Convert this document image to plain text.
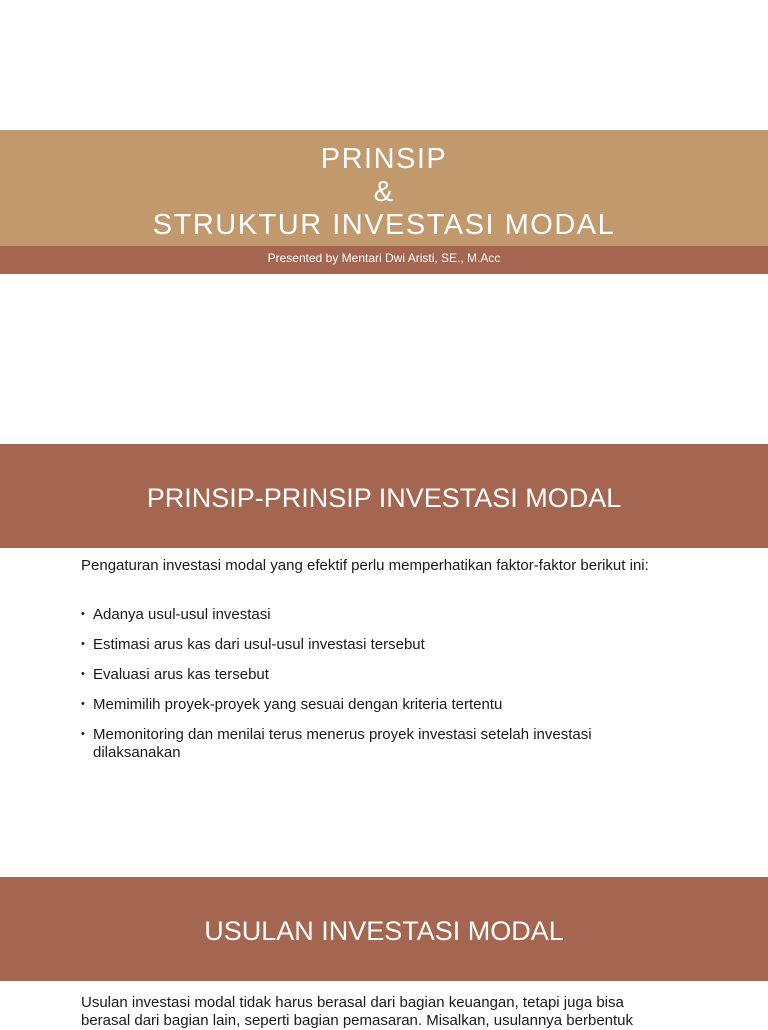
PRINSIP
&
STRUKTUR INVESTASI MODAL
Presented by Mentari Dwi Aristi, SE., M.Acc
PRINSIP-PRINSIP INVESTASI MODAL
Pengaturan investasi modal yang efektif perlu memperhatikan faktor-faktor berikut ini:
• Adanya usul-usul investasi
• Estimasi arus kas dari usul-usul investasi tersebut
• Evaluasi arus kas tersebut
• Memimilih proyek-proyek yang sesuai dengan kriteria tertentu
• Memonitoring dan menilai terus menerus proyek investasi setelah investasi dilaksanakan
USULAN INVESTASI MODAL
Usulan investasi modal tidak harus berasal dari bagian keuangan, tetapi juga bisa
berasal dari bagian lain, seperti bagian pemasaran. Misalkan, usulannya berbentuk
